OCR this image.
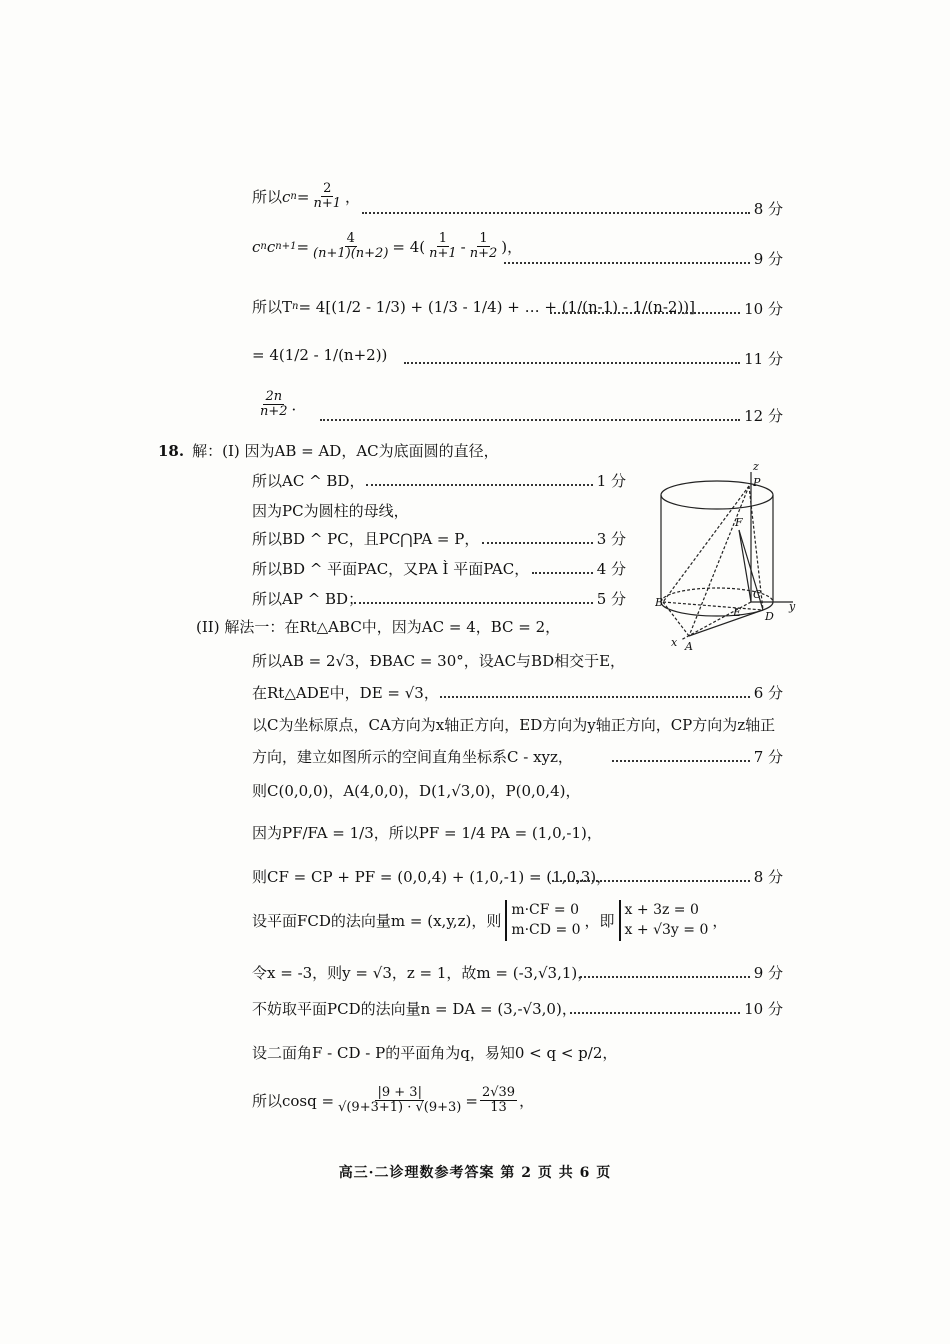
所以 c $n = \frac{2}{n+1}$ ，
8 分
c n c $n+1 = \frac{4}{(n+1)(n+2)} = 4( \frac{1}{n+1} - \frac{1}{n+2}$ )，
9 分
所以T n = 4[(1/2 - 1/3) + (1/3 - 1/4) + … + (1/(n-1) - 1/(n-2))]	10 分
= 4(1/2 - 1/(n+2))	11 分
$\frac{2n}{n+2}$ ．
12 分
18. 解：(I) 因为AB = AD，AC为底面圆的直径，
所以AC ^ BD，	1 分
因为PC为圆柱的母线，
所以BD ^ PC，且PC⋂PA = P，	3 分
所以BD ^ 平面PAC，又PA Ì 平面PAC，	4 分
所以AP ^ BD；	5 分
(II) 解法一：在Rt△ABC中，因为AC = 4，BC = 2，
所以AB = 2√3，ÐBAC = 30°，设AC与BD相交于E，
在Rt△ADE中，DE = √3，	6 分
以C为坐标原点，CA方向为x轴正方向，ED方向为y轴正方向，CP方向为z轴正
方向，建立如图所示的空间直角坐标系C - xyz，	7 分
则C(0,0,0)，A(4,0,0)，D(1,√3,0)，P(0,0,4)，
因为PF/FA = 1/3，所以PF = 1/4 PA = (1,0,-1)，
则CF = CP + PF = (0,0,4) + (1,0,-1) = (1,0,3)，	8 分
设平面FCD的法向量m = (x,y,z)，则
m·CF = 0
m·CD = 0
，即
x + 3z = 0
x + √3y = 0
，
令x = -3，则y = √3，z = 1，故m = (-3,√3,1)，	9 分
不妨取平面PCD的法向量n = DA = (3,-√3,0)，	10 分
设二面角F - CD - P的平面角为q，易知0 < q < p/2，
所以$\cos q = \frac{|9 + 3|}{√(9+3+1) \cdot √(9+3)} = \frac{2√39}{13}$ ，
z
P
F
B
E
C
y
D
x A
高三·二诊理数参考答案 第 2 页 共 6 页
